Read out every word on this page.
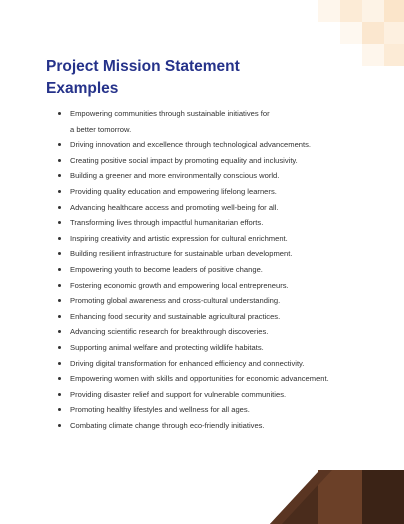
Project Mission Statement
Examples
Empowering communities through sustainable initiatives for
a better tomorrow.
Driving innovation and excellence through technological advancements.
Creating positive social impact by promoting equality and inclusivity.
Building a greener and more environmentally conscious world.
Providing quality education and empowering lifelong learners.
Advancing healthcare access and promoting well-being for all.
Transforming lives through impactful humanitarian efforts.
Inspiring creativity and artistic expression for cultural enrichment.
Building resilient infrastructure for sustainable urban development.
Empowering youth to become leaders of positive change.
Fostering economic growth and empowering local entrepreneurs.
Promoting global awareness and cross-cultural understanding.
Enhancing food security and sustainable agricultural practices.
Advancing scientific research for breakthrough discoveries.
Supporting animal welfare and protecting wildlife habitats.
Driving digital transformation for enhanced efficiency and connectivity.
Empowering women with skills and opportunities for economic advancement.
Providing disaster relief and support for vulnerable communities.
Promoting healthy lifestyles and wellness for all ages.
Combating climate change through eco-friendly initiatives.
